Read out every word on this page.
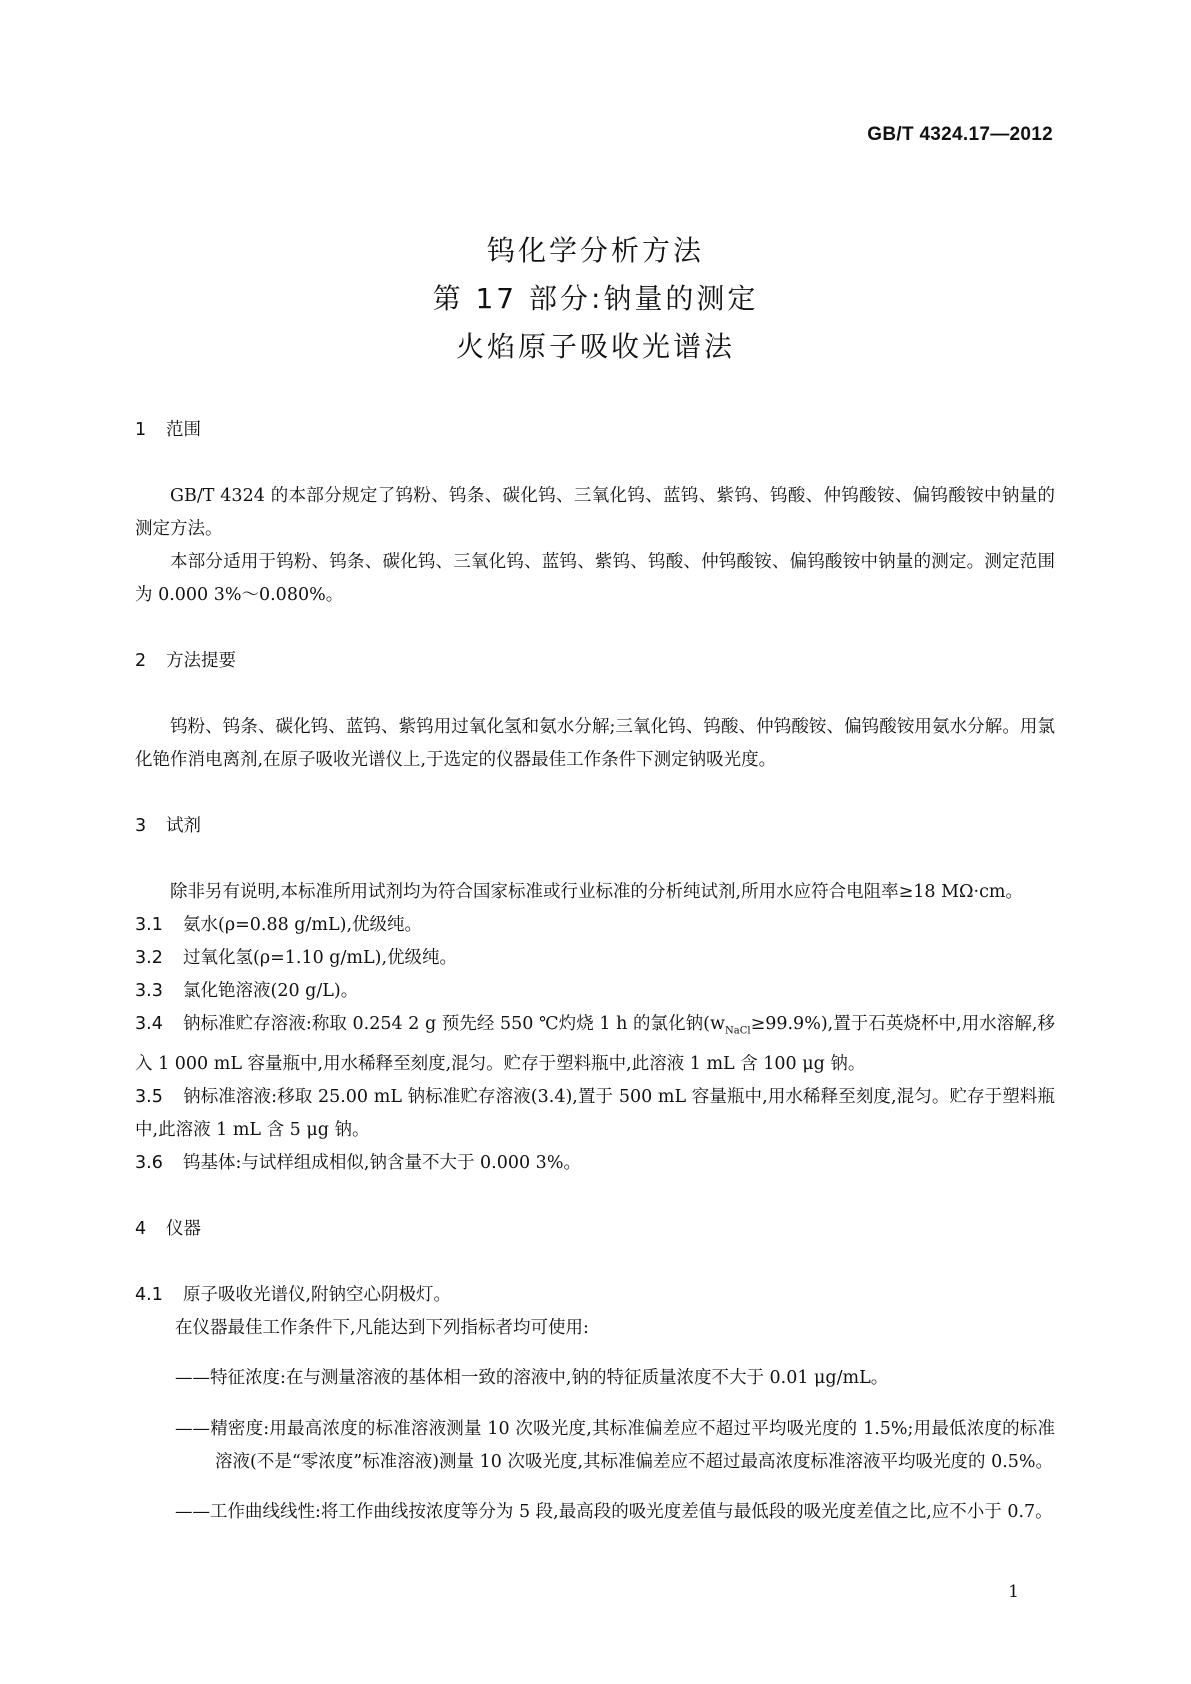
GB/T 4324.17—2012
钨化学分析方法
第 17 部分:钠量的测定
火焰原子吸收光谱法
1 范围

GB/T 4324 的本部分规定了钨粉、钨条、碳化钨、三氧化钨、蓝钨、紫钨、钨酸、仲钨酸铵、偏钨酸铵中钠量的测定方法。

本部分适用于钨粉、钨条、碳化钨、三氧化钨、蓝钨、紫钨、钨酸、仲钨酸铵、偏钨酸铵中钠量的测定。测定范围为 0.000 3%～0.080%。

2 方法提要

钨粉、钨条、碳化钨、蓝钨、紫钨用过氧化氢和氨水分解;三氧化钨、钨酸、仲钨酸铵、偏钨酸铵用氨水分解。用氯化铯作消电离剂,在原子吸收光谱仪上,于选定的仪器最佳工作条件下测定钠吸光度。

3 试剂

除非另有说明,本标准所用试剂均为符合国家标准或行业标准的分析纯试剂,所用水应符合电阻率≥18 MΩ·cm。

3.1 氨水(ρ=0.88 g/mL),优级纯。

3.2 过氧化氢(ρ=1.10 g/mL),优级纯。

3.3 氯化铯溶液(20 g/L)。

3.4 钠标准贮存溶液:称取 0.254 2 g 预先经 550 ℃灼烧 1 h 的氯化钠$(w_{NaCl}\ge 99.9\%)$,置于石英烧杯中,用水溶解,移入 1 000 mL 容量瓶中,用水稀释至刻度,混匀。贮存于塑料瓶中,此溶液 1 mL 含 100 μg 钠。

3.5 钠标准溶液:移取 25.00 mL 钠标准贮存溶液(3.4),置于 500 mL 容量瓶中,用水稀释至刻度,混匀。贮存于塑料瓶中,此溶液 1 mL 含 5 μg 钠。

3.6 钨基体:与试样组成相似,钠含量不大于 0.000 3%。

4 仪器

4.1 原子吸收光谱仪,附钠空心阴极灯。

在仪器最佳工作条件下,凡能达到下列指标者均可使用:

——特征浓度:在与测量溶液的基体相一致的溶液中,钠的特征质量浓度不大于 0.01 μg/mL。

——精密度:用最高浓度的标准溶液测量 10 次吸光度,其标准偏差应不超过平均吸光度的 1.5%;用最低浓度的标准溶液(不是“零浓度”标准溶液)测量 10 次吸光度,其标准偏差应不超过最高浓度标准溶液平均吸光度的 0.5%。

——工作曲线线性:将工作曲线按浓度等分为 5 段,最高段的吸光度差值与最低段的吸光度差值之比,应不小于 0.7。

1
